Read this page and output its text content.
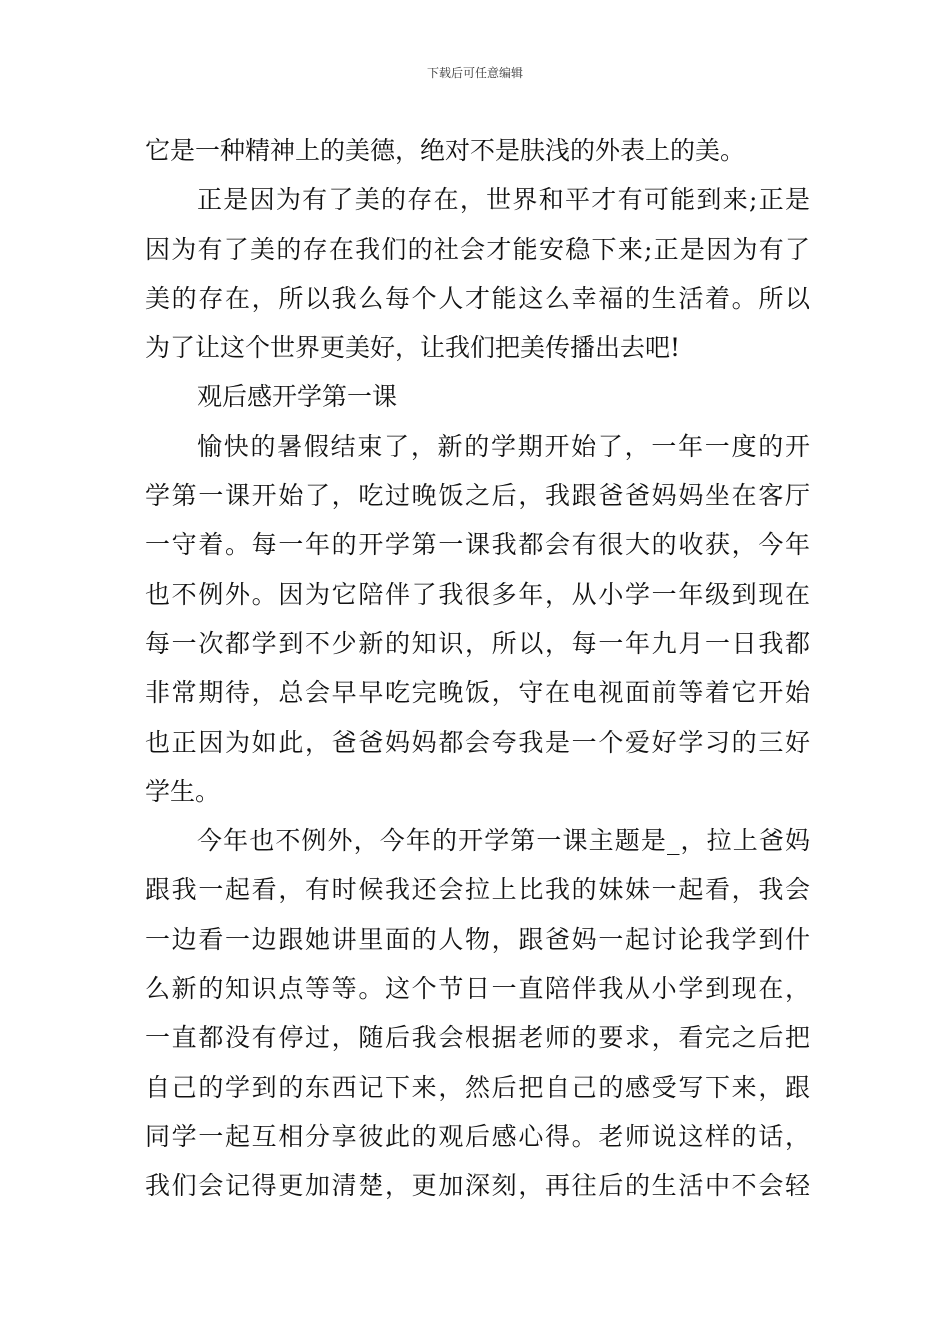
下载后可任意编辑
它是一种精神上的美德，绝对不是肤浅的外表上的美。
正是因为有了美的存在，世界和平才有可能到来;正是
因为有了美的存在我们的社会才能安稳下来;正是因为有了
美的存在，所以我么每个人才能这么幸福的生活着。所以
为了让这个世界更美好，让我们把美传播出去吧!
观后感开学第一课
愉快的暑假结束了，新的学期开始了，一年一度的开
学第一课开始了，吃过晚饭之后，我跟爸爸妈妈坐在客厅
一守着。每一年的开学第一课我都会有很大的收获，今年
也不例外。因为它陪伴了我很多年，从小学一年级到现在
每一次都学到不少新的知识，所以，每一年九月一日我都
非常期待，总会早早吃完晚饭，守在电视面前等着它开始
也正因为如此，爸爸妈妈都会夸我是一个爱好学习的三好
学生。
今年也不例外，今年的开学第一课主题是_，拉上爸妈
跟我一起看，有时候我还会拉上比我的妹妹一起看，我会
一边看一边跟她讲里面的人物，跟爸妈一起讨论我学到什
么新的知识点等等。这个节日一直陪伴我从小学到现在，
一直都没有停过，随后我会根据老师的要求，看完之后把
自己的学到的东西记下来，然后把自己的感受写下来，跟
同学一起互相分享彼此的观后感心得。老师说这样的话，
我们会记得更加清楚，更加深刻，再往后的生活中不会轻
